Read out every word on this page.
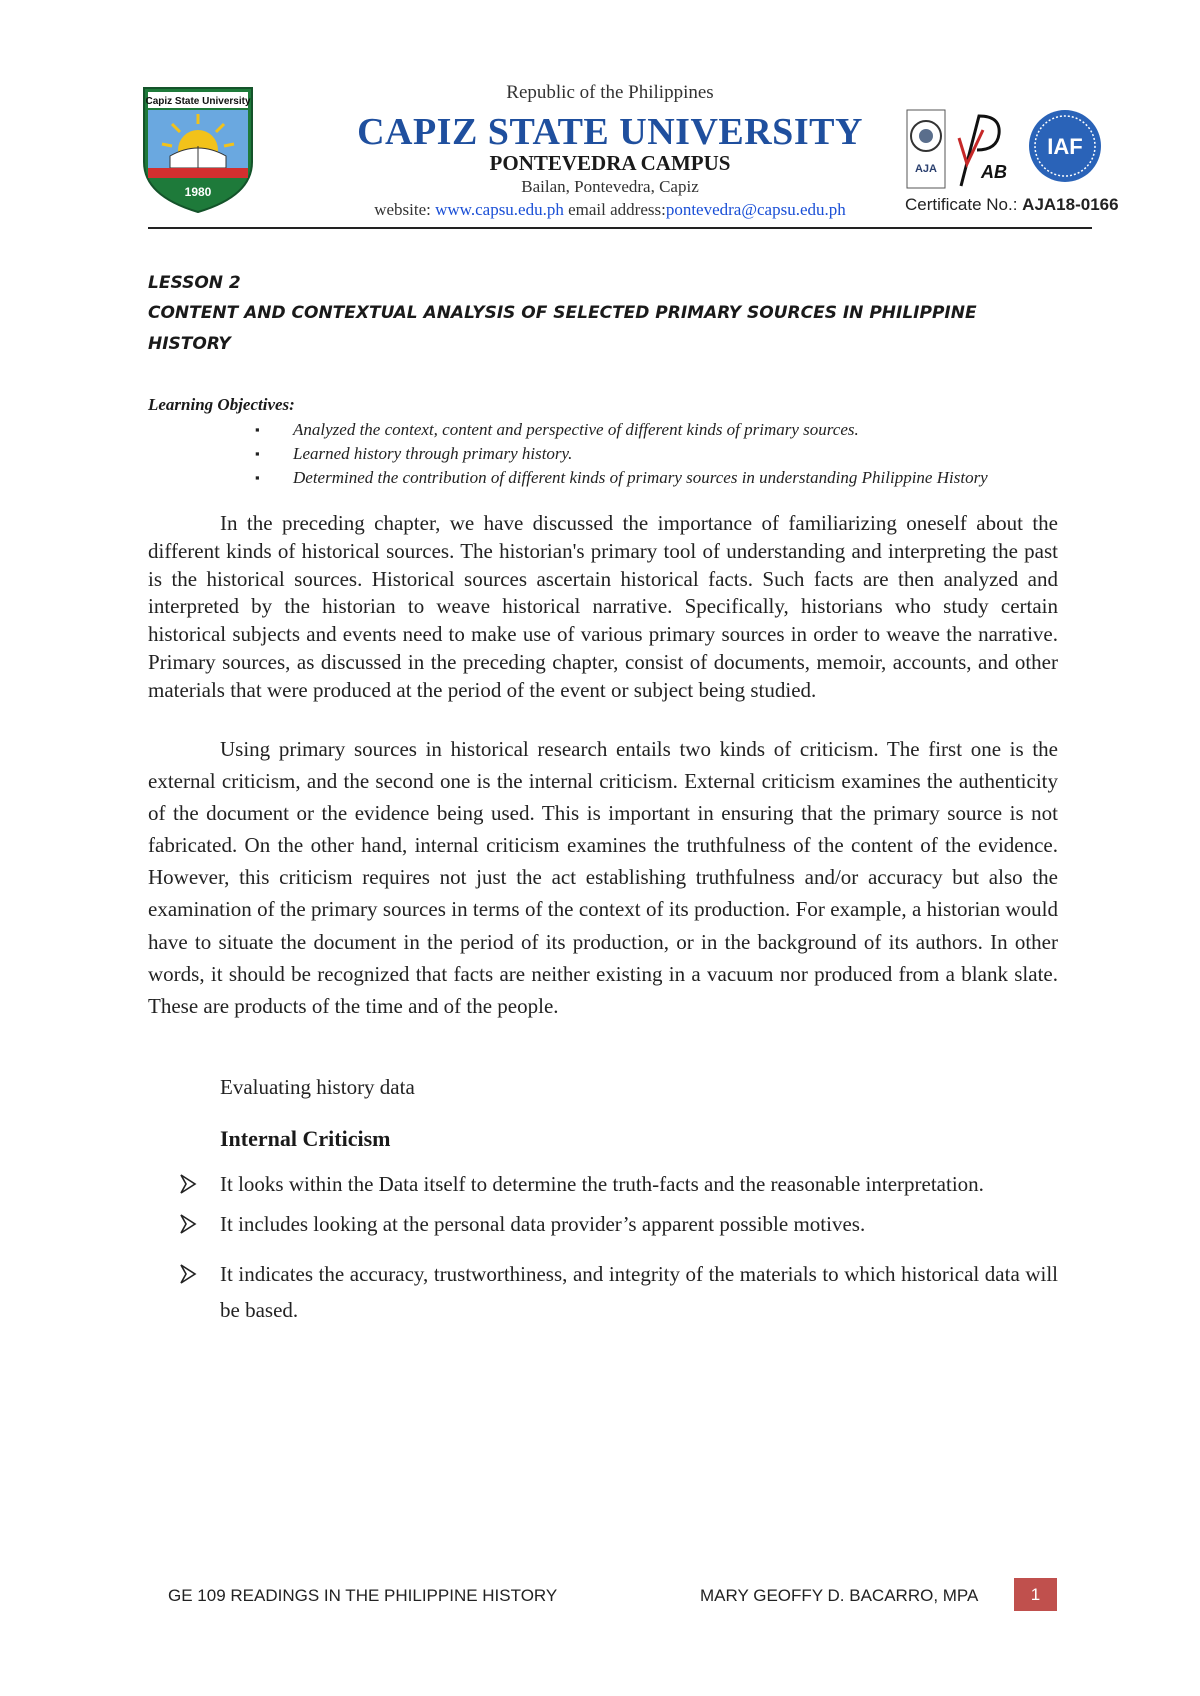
Capiz State University
1980
Republic of the Philippines
CAPIZ STATE UNIVERSITY
PONTEVEDRA CAMPUS
Bailan, Pontevedra, Capiz
website: www.capsu.edu.ph email address:pontevedra@capsu.edu.ph
AJA AB
IAF
Certificate No.: AJA18-0166
LESSON 2
CONTENT AND CONTEXTUAL ANALYSIS OF SELECTED PRIMARY SOURCES IN PHILIPPINE HISTORY
Learning Objectives:
▪ Analyzed the context, content and perspective of different kinds of primary sources.
▪ Learned history through primary history.
▪ Determined the contribution of different kinds of primary sources in understanding Philippine History

In the preceding chapter, we have discussed the importance of familiarizing oneself about the different kinds of historical sources. The historian's primary tool of understanding and interpreting the past is the historical sources. Historical sources ascertain historical facts. Such facts are then analyzed and interpreted by the historian to weave historical narrative. Specifically, historians who study certain historical subjects and events need to make use of various primary sources in order to weave the narrative. Primary sources, as discussed in the preceding chapter, consist of documents, memoir, accounts, and other materials that were produced at the period of the event or subject being studied.

Using primary sources in historical research entails two kinds of criticism. The first one is the external criticism, and the second one is the internal criticism. External criticism examines the authenticity of the document or the evidence being used. This is important in ensuring that the primary source is not fabricated. On the other hand, internal criticism examines the truthfulness of the content of the evidence. However, this criticism requires not just the act establishing truthfulness and/or accuracy but also the examination of the primary sources in terms of the context of its production. For example, a historian would have to situate the document in the period of its production, or in the background of its authors. In other words, it should be recognized that facts are neither existing in a vacuum nor produced from a blank slate. These are products of the time and of the people.

Evaluating history data
Internal Criticism
It looks within the Data itself to determine the truth-facts and the reasonable interpretation.
It includes looking at the personal data provider’s apparent possible motives.
It indicates the accuracy, trustworthiness, and integrity of the materials to which historical data will be based.
GE 109 READINGS IN THE PHILIPPINE HISTORY	MARY GEOFFY D. BACARRO, MPA	1
